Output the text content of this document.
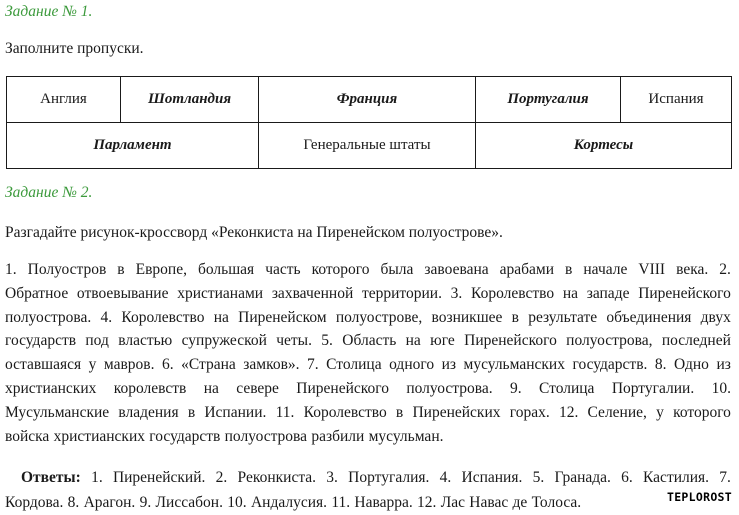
Задание № 1.
Заполните пропуски.
Англия	Шотландия	Франция	Португалия	Испания
Парламент		Генеральные штаты	Кортесы	
Задание № 2.
Разгадайте рисунок-кроссворд «Реконкиста на Пиренейском полуострове».
1. Полуостров в Европе, большая часть которого была завоевана арабами в начале VIII века. 2.
Обратное отвоевывание христианами захваченной территории. 3. Королевство на западе Пиренейского
полуострова. 4. Королевство на Пиренейском полуострове, возникшее в результате объединения двух
государств под властью супружеской четы. 5. Область на юге Пиренейского полуострова, последней
оставшаяся у мавров. 6. «Страна замков». 7. Столица одного из мусульманских государств. 8. Одно из
христианских королевств на севере Пиренейского полуострова. 9. Столица Португалии. 10.
Мусульманские владения в Испании. 11. Королевство в Пиренейских горах. 12. Селение, у которого
войска христианских государств полуострова разбили мусульман.
Ответы: 1. Пиренейский. 2. Реконкиста. 3. Португалия. 4. Испания. 5. Гранада. 6. Кастилия. 7.
Кордова. 8. Арагон. 9. Лиссабон. 10. Андалусия. 11. Наварра. 12. Лас Навас де Толоса.	TEPLOROST
